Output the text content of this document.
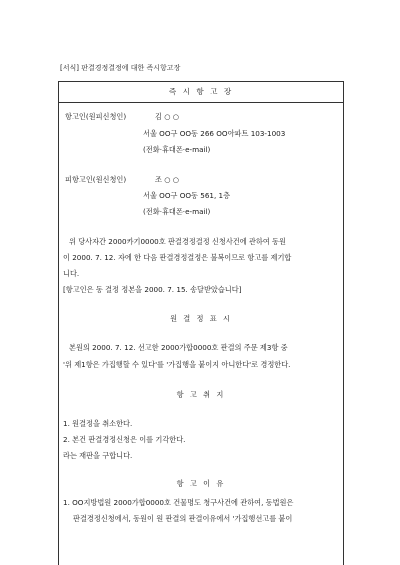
[서식] 판결경정결정에 대한 즉시항고장
즉 시 항 고 장
항고인(원피신청인)	김 ○ ○
서울 OO구 OO동 266 OO아파트 103-1003
(전화·휴대폰·e-mail)
피항고인(원신청인)	조 ○ ○
서울 OO구 OO동 561, 1층
(전화·휴대폰·e-mail)
위 당사자간 2000카기0000호 판결경정결정 신청사건에 관하여 동원
이 2000. 7. 12. 자에 한 다음 판결경정결정은 불복이므로 항고를 제기합
니다.
[항고인은 동 결정 정본을 2000. 7. 15. 송달받았습니다]
원 결 정 표 시
본원의 2000. 7. 12. 선고한 2000가합0000호 판결의 주문 제3항 중
'위 제1항은 가집행할 수 있다'를 '가집행을 붙이지 아니한다'로 경정한다.
항 고 취 지
1. 원결정을 취소한다.
2. 본건 판결경정신청은 이를 기각한다.
라는 재판을 구합니다.
항 고 이 유
1. OO지방법원 2000가합0000호 건물명도 청구사건에 관하여, 동법원은
판결경정신청에서, 동원이 원 판결의 판결이유에서 '가집행선고를 붙이
